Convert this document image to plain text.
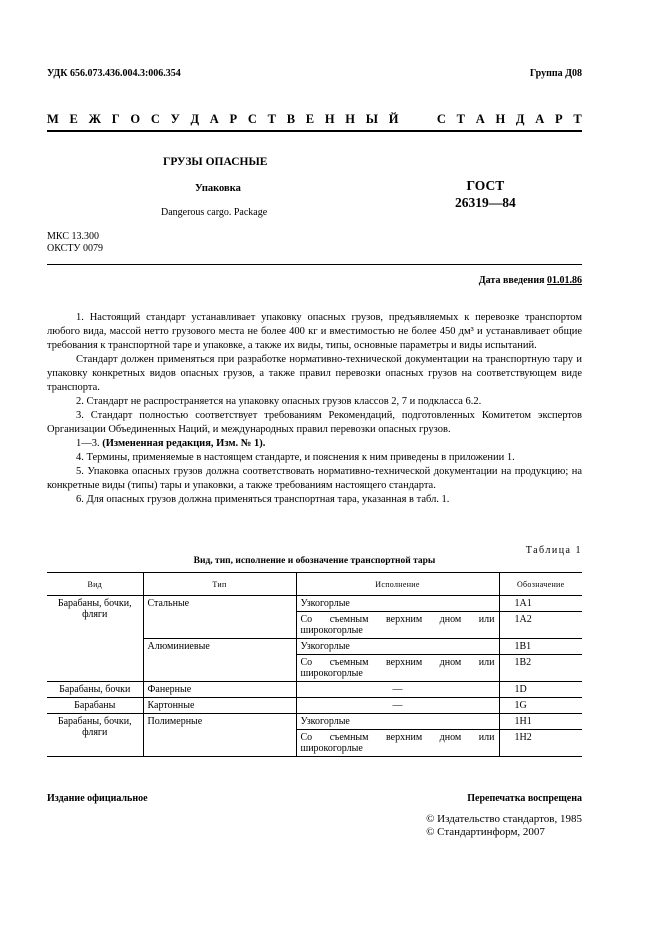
УДК 656.073.436.004.3:006.354	Группа Д08
М Е Ж Г О С У Д А Р С Т В Е Н Н Ы Й

	С Т А Н Д А Р Т
ГРУЗЫ ОПАСНЫЕ
Упаковка
Dangerous cargo. Package
ГОСТ
26319—84
МКС 13.300
ОКСТУ 0079
Дата введения 01.01.86

1. Настоящий стандарт устанавливает упаковку опасных грузов, предъявляемых к перевозке транспортом любого вида, массой нетто грузового места не более 400 кг и вместимостью не более 450 дм³ и устанавливает общие требования к транспортной таре и упаковке, а также их виды, типы, основные параметры и виды испытаний.

Стандарт должен применяться при разработке нормативно-технической документации на транспортную тару и упаковку конкретных видов опасных грузов, а также правил перевозки опасных грузов на соответствующем виде транспорта.

2. Стандарт не распространяется на упаковку опасных грузов классов 2, 7 и подкласса 6.2.

3. Стандарт полностью соответствует требованиям Рекомендаций, подготовленных Комитетом экспертов Организации Объединенных Наций, и международных правил перевозки опасных грузов.

1—3. (Измененная редакция, Изм. № 1).

4. Термины, применяемые в настоящем стандарте, и пояснения к ним приведены в приложении 1.

5. Упаковка опасных грузов должна соответствовать нормативно-технической документации на продукцию; на конкретные виды (типы) тары и упаковки, а также требованиям настоящего стандарта.

6. Для опасных грузов должна применяться транспортная тара, указанная в табл. 1.

Таблица 1
Вид, тип, исполнение и обозначение транспортной тары
Вид	Тип	Исполнение	Обозначение
Барабаны, бочки, фляги	Стальные	Узкогорлые	1A1
		Со съемным верхним дном или широкогорлые	1A2
	Алюминиевые	Узкогорлые	1B1
		Со съемным верхним дном или широкогорлые	1B2
Барабаны, бочки	Фанерные	—	1D
Барабаны	Картонные	—	1G
Барабаны, бочки, фляги	Полимерные	Узкогорлые	1H1
		Со съемным верхним дном или широкогорлые	1H2
Издание официальное	Перепечатка воспрещена
© Издательство стандартов, 1985
© Стандартинформ, 2007
